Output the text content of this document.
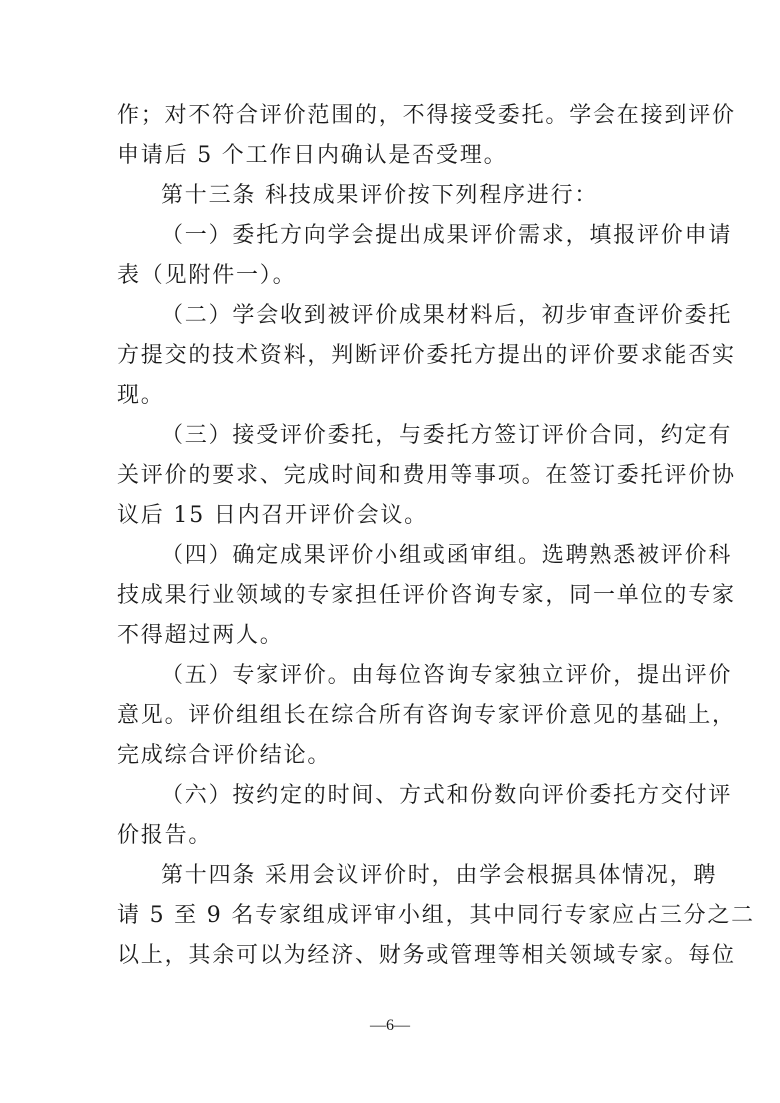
作；对不符合评价范围的，不得接受委托。学会在接到评价
申请后 5 个工作日内确认是否受理。
第十三条 科技成果评价按下列程序进行：
（一）委托方向学会提出成果评价需求，填报评价申请
表（见附件一）。
（二）学会收到被评价成果材料后，初步审查评价委托
方提交的技术资料，判断评价委托方提出的评价要求能否实
现。
（三）接受评价委托，与委托方签订评价合同，约定有
关评价的要求、完成时间和费用等事项。在签订委托评价协
议后 15 日内召开评价会议。
（四）确定成果评价小组或函审组。选聘熟悉被评价科
技成果行业领域的专家担任评价咨询专家，同一单位的专家
不得超过两人。
（五）专家评价。由每位咨询专家独立评价，提出评价
意见。评价组组长在综合所有咨询专家评价意见的基础上，
完成综合评价结论。
（六）按约定的时间、方式和份数向评价委托方交付评
价报告。
第十四条 采用会议评价时，由学会根据具体情况，聘
请 5 至 9 名专家组成评审小组，其中同行专家应占三分之二
以上，其余可以为经济、财务或管理等相关领域专家。每位
—6—
